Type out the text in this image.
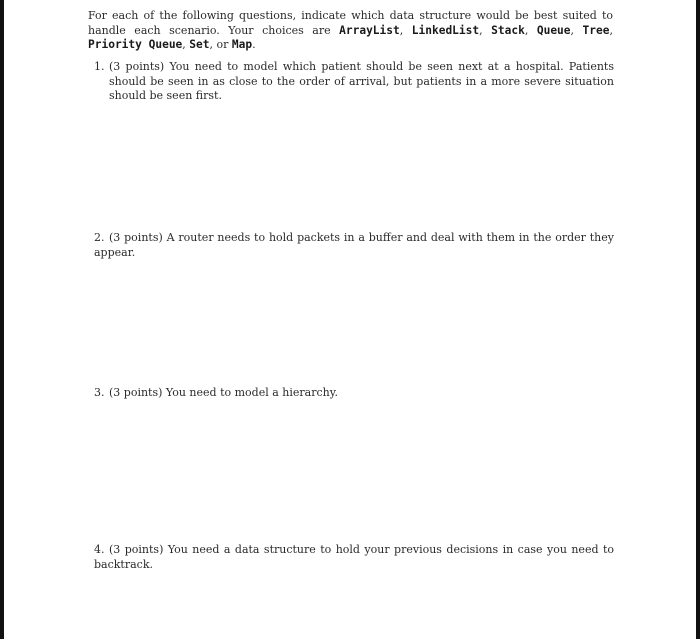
For each of the following questions, indicate which data structure would be best suited to handle each scenario. Your choices are ArrayList, LinkedList, Stack, Queue, Tree, Priority Queue, Set, or Map.

1. (3 points) You need to model which patient should be seen next at a hospital. Patients should be seen in as close to the order of arrival, but patients in a more severe situation should be seen first.
2. (3 points) A router needs to hold packets in a buffer and deal with them in the order they appear.
3. (3 points) You need to model a hierarchy.
4. (3 points) You need a data structure to hold your previous decisions in case you need to backtrack.
